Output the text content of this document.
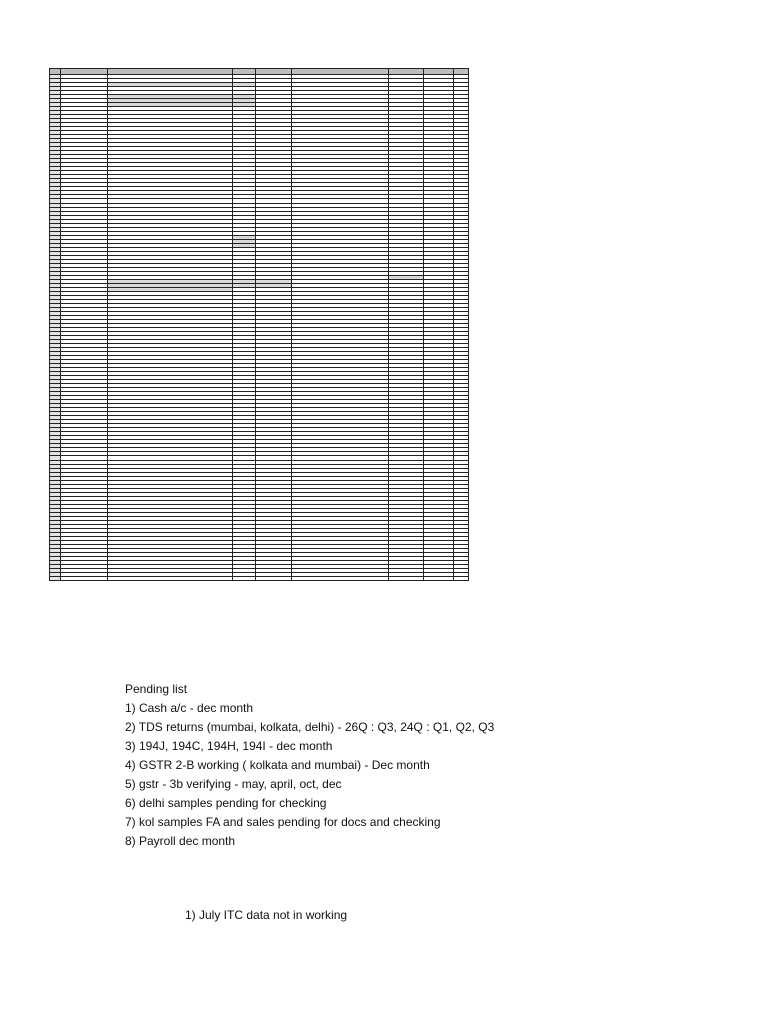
Pending list
1) Cash a/c - dec month
2) TDS returns (mumbai, kolkata, delhi) - 26Q : Q3, 24Q : Q1, Q2, Q3
3) 194J, 194C, 194H, 194I - dec month
4) GSTR 2-B working ( kolkata and mumbai) - Dec month
5) gstr - 3b verifying - may, april, oct, dec
6) delhi samples pending for checking
7) kol samples FA and sales pending for docs and checking
8) Payroll dec month
1) July ITC data not in working
